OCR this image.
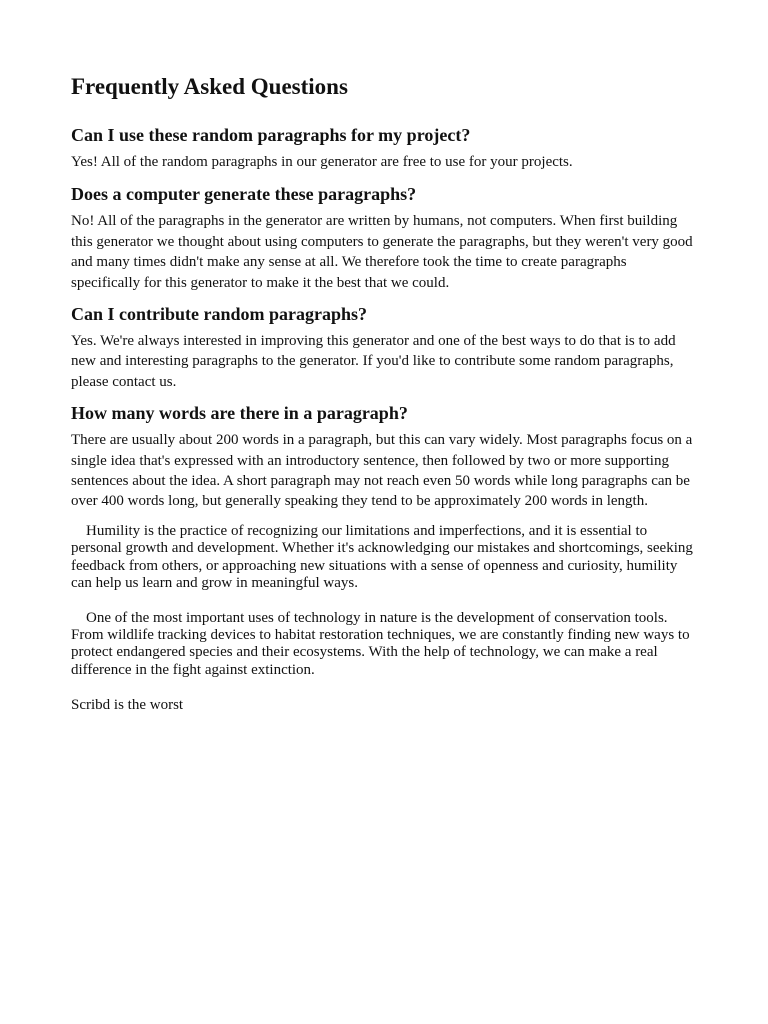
Frequently Asked Questions
Can I use these random paragraphs for my project?

Yes! All of the random paragraphs in our generator are free to use for your projects.

Does a computer generate these paragraphs?

No! All of the paragraphs in the generator are written by humans, not computers. When first building this generator we thought about using computers to generate the paragraphs, but they weren't very good and many times didn't make any sense at all. We therefore took the time to create paragraphs specifically for this generator to make it the best that we could.

Can I contribute random paragraphs?

Yes. We're always interested in improving this generator and one of the best ways to do that is to add new and interesting paragraphs to the generator. If you'd like to contribute some random paragraphs, please contact us.

How many words are there in a paragraph?

There are usually about 200 words in a paragraph, but this can vary widely. Most paragraphs focus on a single idea that's expressed with an introductory sentence, then followed by two or more supporting sentences about the idea. A short paragraph may not reach even 50 words while long paragraphs can be over 400 words long, but generally speaking they tend to be approximately 200 words in length.

Humility is the practice of recognizing our limitations and imperfections, and it is essential to personal growth and development. Whether it's acknowledging our mistakes and shortcomings, seeking feedback from others, or approaching new situations with a sense of openness and curiosity, humility can help us learn and grow in meaningful ways.

One of the most important uses of technology in nature is the development of conservation tools. From wildlife tracking devices to habitat restoration techniques, we are constantly finding new ways to protect endangered species and their ecosystems. With the help of technology, we can make a real difference in the fight against extinction.

Scribd is the worst
